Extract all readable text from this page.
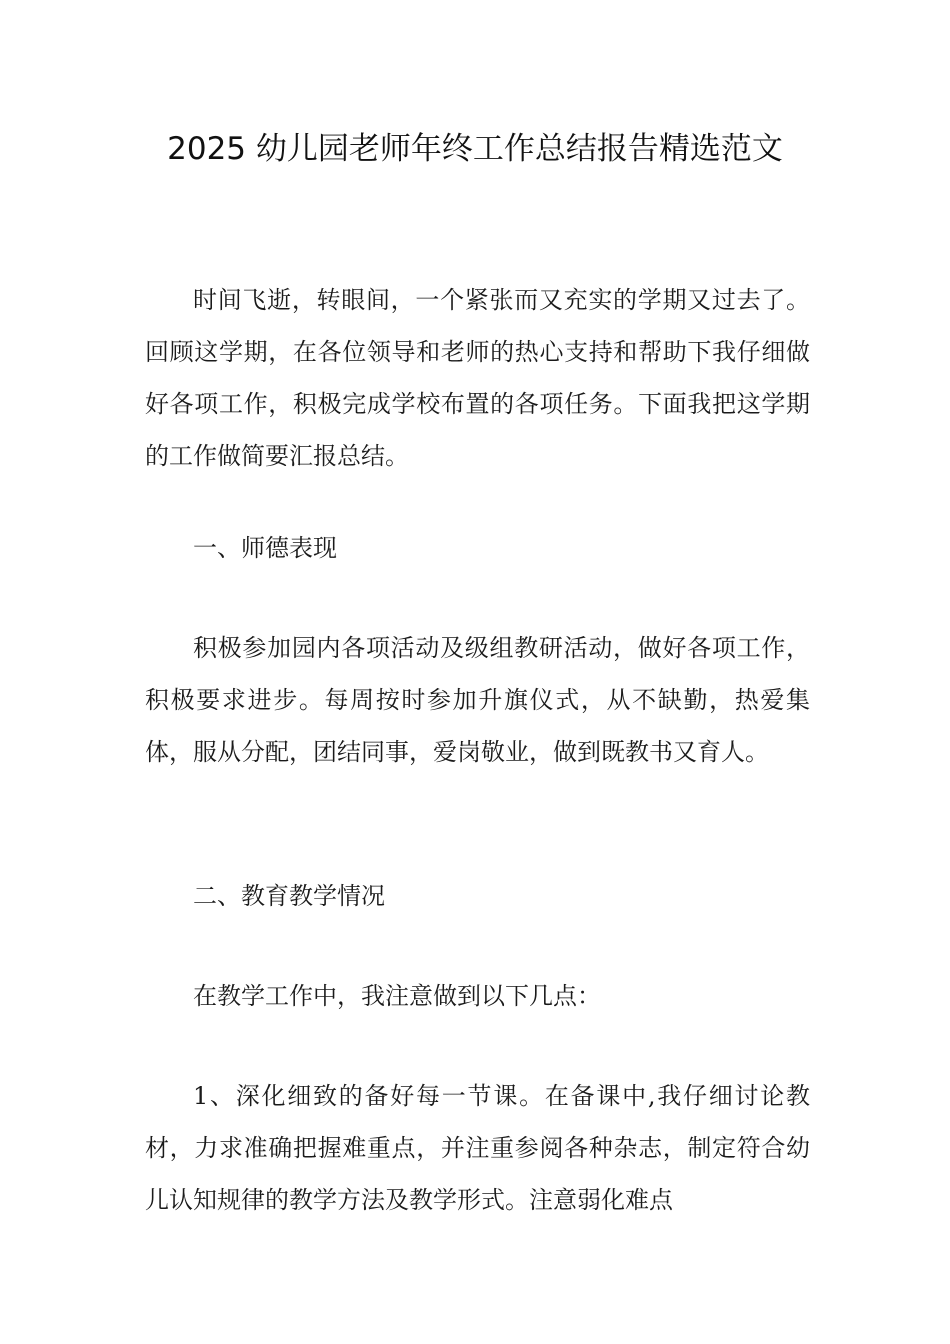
2025 幼儿园老师年终工作总结报告精选范文

时间飞逝，转眼间，一个紧张而又充实的学期又过去了。回顾这学期，在各位领导和老师的热心支持和帮助下我仔细做好各项工作，积极完成学校布置的各项任务。下面我把这学期的工作做简要汇报总结。

一、师德表现

积极参加园内各项活动及级组教研活动，做好各项工作，积极要求进步。每周按时参加升旗仪式，从不缺勤，热爱集体，服从分配，团结同事，爱岗敬业，做到既教书又育人。

二、教育教学情况

在教学工作中，我注意做到以下几点：

1、深化细致的备好每一节课。在备课中,我仔细讨论教材，力求准确把握难重点，并注重参阅各种杂志，制定符合幼儿认知规律的教学方法及教学形式。注意弱化难点
